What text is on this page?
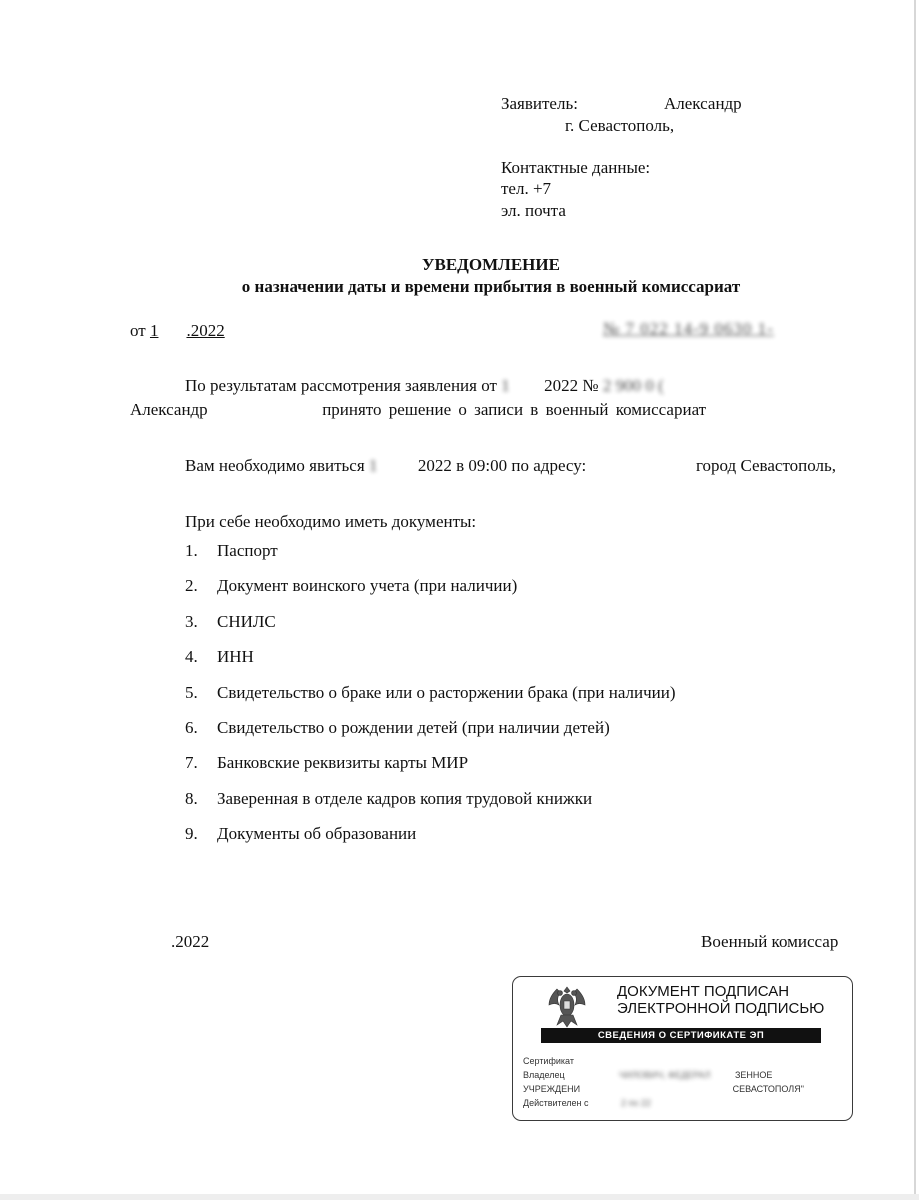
Заявитель:	Александр
г. Севастополь,
Контактные данные:
тел. +7
эл. почта
УВЕДОМЛЕНИЕ
о назначении даты и времени прибытия в военный комиссариат
от 1 .2022	№ 7 022 14-9 0630 1-
По результатам рассмотрения заявления от 1 2022 № 2 900 0 (
Александр	принято решение о записи в военный комиссариат
Вам необходимо явиться 1 2022 в 09:00 по адресу:	город Севастополь,
При себе необходимо иметь документы:
1. Паспорт
2. Документ воинского учета (при наличии)
3. СНИЛС
4. ИНН
5. Свидетельство о браке или о расторжении брака (при наличии)
6. Свидетельство о рождении детей (при наличии детей)
7. Банковские реквизиты карты МИР
8. Заверенная в отделе кадров копия трудовой книжки
9. Документы об образовании
.2022	Военный комиссар
ДОКУМЕНТ ПОДПИСАН
ЭЛЕКТРОННОЙ ПОДПИСЬЮ
СВЕДЕНИЯ О СЕРТИФИКАТЕ ЭП
Сертификат
Владелец	ЧИЛОВИЧ, ФЕДЕРАЛ	ЗЕННОЕ
УЧРЕЖДЕНИ	СЕВАСТОПОЛЯ"
Действителен с	2 по 22
